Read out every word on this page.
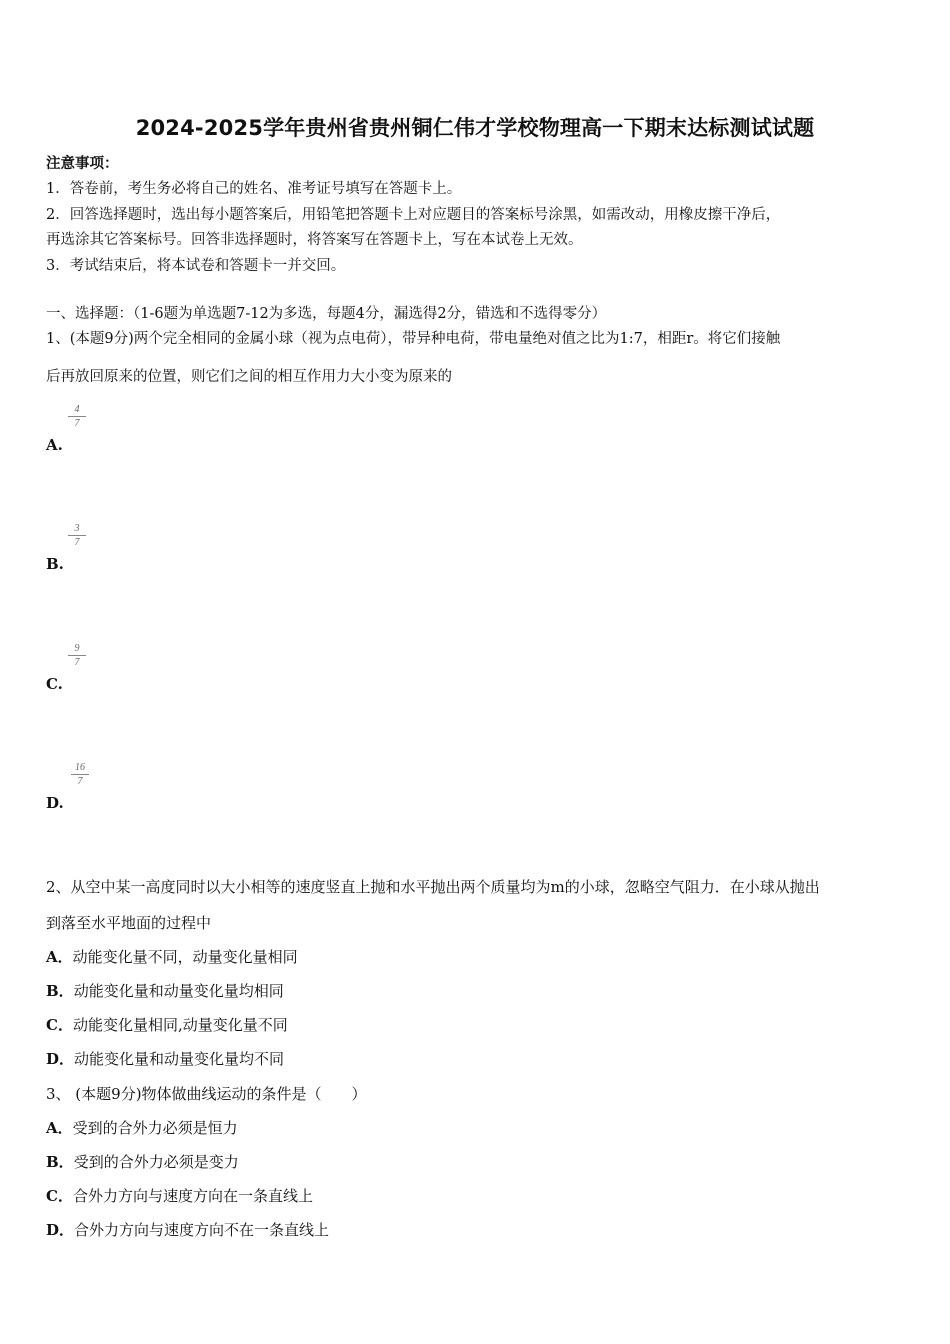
2024-2025学年贵州省贵州铜仁伟才学校物理高一下期末达标测试试题
注意事项：
1．答卷前，考生务必将自己的姓名、准考证号填写在答题卡上。
2．回答选择题时，选出每小题答案后，用铅笔把答题卡上对应题目的答案标号涂黑，如需改动，用橡皮擦干净后，
再选涂其它答案标号。回答非选择题时，将答案写在答题卡上，写在本试卷上无效。
3．考试结束后，将本试卷和答题卡一并交回。
一、选择题：（1-6题为单选题7-12为多选，每题4分，漏选得2分，错选和不选得零分）
1、(本题9分)两个完全相同的金属小球（视为点电荷），带异种电荷，带电量绝对值之比为1:7，相距r。将它们接触
后再放回原来的位置，则它们之间的相互作用力大小变为原来的
4
7
A.
3
7
B.
9
7
C.
16
7
D.
2、从空中某一高度同时以大小相等的速度竖直上抛和水平抛出两个质量均为m的小球，忽略空气阻力．在小球从抛出
到落至水平地面的过程中
A．动能变化量不同，动量变化量相同
B．动能变化量和动量变化量均相同
C．动能变化量相同,动量变化量不同
D．动能变化量和动量变化量均不同
3、 (本题9分)物体做曲线运动的条件是（　　）
A．受到的合外力必须是恒力
B．受到的合外力必须是变力
C．合外力方向与速度方向在一条直线上
D．合外力方向与速度方向不在一条直线上
